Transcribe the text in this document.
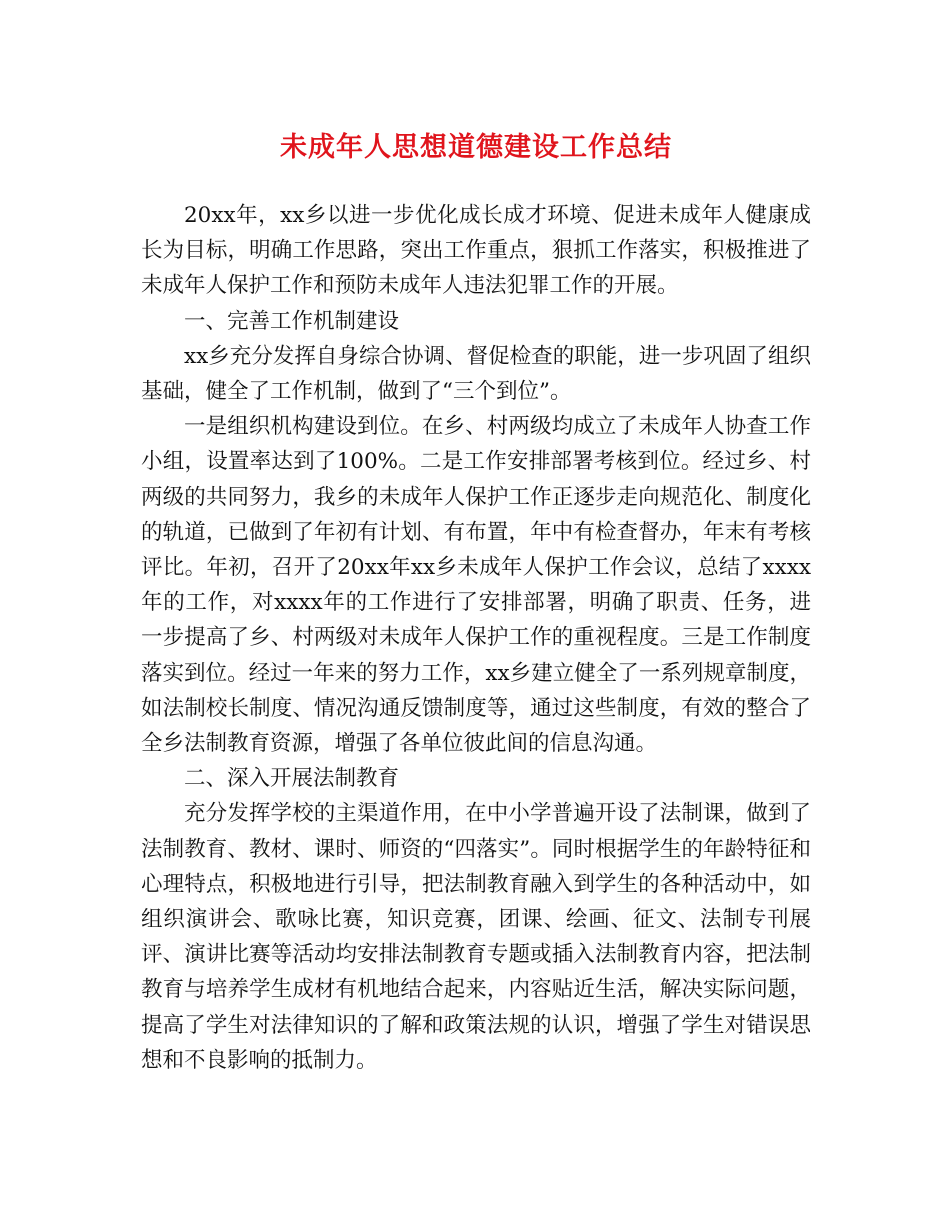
未成年人思想道德建设工作总结

20xx年，xx乡以进一步优化成长成才环境、促进未成年人健康成长为目标，明确工作思路，突出工作重点，狠抓工作落实，积极推进了未成年人保护工作和预防未成年人违法犯罪工作的开展。

一、完善工作机制建设

xx乡充分发挥自身综合协调、督促检查的职能，进一步巩固了组织基础，健全了工作机制，做到了“三个到位”。

一是组织机构建设到位。在乡、村两级均成立了未成年人协查工作小组，设置率达到了100%。二是工作安排部署考核到位。经过乡、村两级的共同努力，我乡的未成年人保护工作正逐步走向规范化、制度化的轨道，已做到了年初有计划、有布置，年中有检查督办，年末有考核评比。年初，召开了20xx年xx乡未成年人保护工作会议，总结了xxxx年的工作，对xxxx年的工作进行了安排部署，明确了职责、任务，进一步提高了乡、村两级对未成年人保护工作的重视程度。三是工作制度落实到位。经过一年来的努力工作，xx乡建立健全了一系列规章制度，如法制校长制度、情况沟通反馈制度等，通过这些制度，有效的整合了全乡法制教育资源，增强了各单位彼此间的信息沟通。

二、深入开展法制教育

充分发挥学校的主渠道作用，在中小学普遍开设了法制课，做到了法制教育、教材、课时、师资的“四落实”。同时根据学生的年龄特征和心理特点，积极地进行引导，把法制教育融入到学生的各种活动中，如组织演讲会、歌咏比赛，知识竞赛，团课、绘画、征文、法制专刊展评、演讲比赛等活动均安排法制教育专题或插入法制教育内容，把法制教育与培养学生成材有机地结合起来，内容贴近生活，解决实际问题，提高了学生对法律知识的了解和政策法规的认识，增强了学生对错误思想和不良影响的抵制力。
